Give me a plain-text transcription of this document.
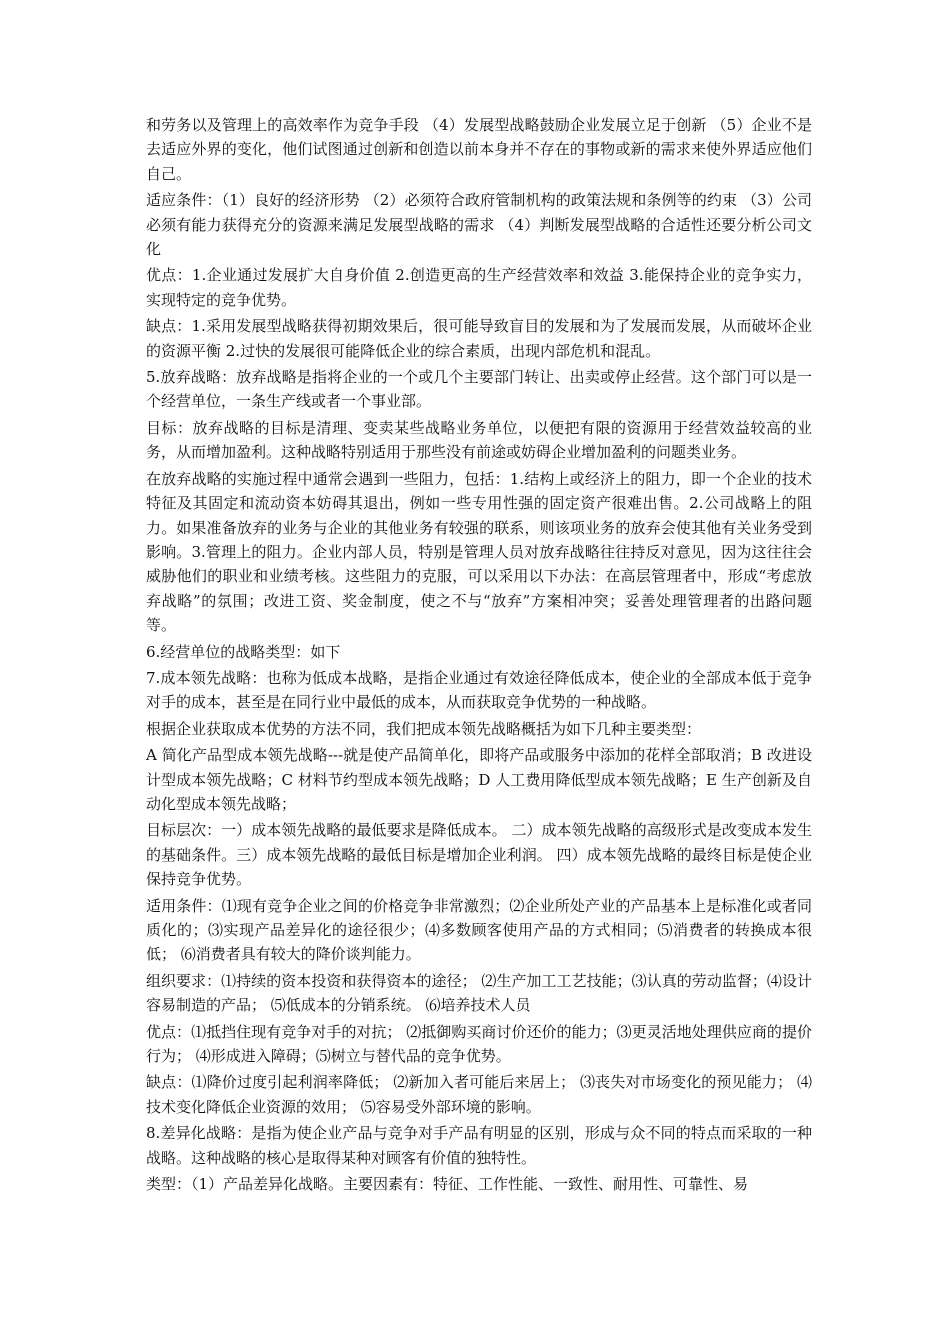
和劳务以及管理上的高效率作为竞争手段 （4）发展型战略鼓励企业发展立足于创新 （5）企业不是去适应外界的变化，他们试图通过创新和创造以前本身并不存在的事物或新的需求来使外界适应他们自己。

适应条件：（1）良好的经济形势 （2）必须符合政府管制机构的政策法规和条例等的约束 （3）公司必须有能力获得充分的资源来满足发展型战略的需求 （4）判断发展型战略的合适性还要分析公司文化

优点：1.企业通过发展扩大自身价值 2.创造更高的生产经营效率和效益 3.能保持企业的竞争实力，实现特定的竞争优势。

缺点：1.采用发展型战略获得初期效果后，很可能导致盲目的发展和为了发展而发展，从而破坏企业的资源平衡 2.过快的发展很可能降低企业的综合素质，出现内部危机和混乱。

5.放弃战略：放弃战略是指将企业的一个或几个主要部门转让、出卖或停止经营。这个部门可以是一个经营单位，一条生产线或者一个事业部。

目标：放弃战略的目标是清理、变卖某些战略业务单位，以便把有限的资源用于经营效益较高的业务，从而增加盈利。这种战略特别适用于那些没有前途或妨碍企业增加盈利的问题类业务。

在放弃战略的实施过程中通常会遇到一些阻力，包括：1.结构上或经济上的阻力，即一个企业的技术特征及其固定和流动资本妨碍其退出，例如一些专用性强的固定资产很难出售。2.公司战略上的阻力。如果准备放弃的业务与企业的其他业务有较强的联系，则该项业务的放弃会使其他有关业务受到影响。3.管理上的阻力。企业内部人员，特别是管理人员对放弃战略往往持反对意见，因为这往往会威胁他们的职业和业绩考核。这些阻力的克服，可以采用以下办法：在高层管理者中，形成“考虑放弃战略”的氛围；改进工资、奖金制度，使之不与“放弃”方案相冲突；妥善处理管理者的出路问题等。

6.经营单位的战略类型：如下

7.成本领先战略：也称为低成本战略，是指企业通过有效途径降低成本，使企业的全部成本低于竞争对手的成本，甚至是在同行业中最低的成本，从而获取竞争优势的一种战略。

根据企业获取成本优势的方法不同，我们把成本领先战略概括为如下几种主要类型：

A 简化产品型成本领先战略---就是使产品简单化，即将产品或服务中添加的花样全部取消；B 改进设计型成本领先战略；C 材料节约型成本领先战略；D 人工费用降低型成本领先战略；E 生产创新及自动化型成本领先战略；

目标层次：一）成本领先战略的最低要求是降低成本。 二）成本领先战略的高级形式是改变成本发生的基础条件。三）成本领先战略的最低目标是增加企业利润。 四）成本领先战略的最终目标是使企业保持竞争优势。

适用条件：⑴现有竞争企业之间的价格竞争非常激烈；⑵企业所处产业的产品基本上是标准化或者同质化的；⑶实现产品差异化的途径很少；⑷多数顾客使用产品的方式相同；⑸消费者的转换成本很低； ⑹消费者具有较大的降价谈判能力。

组织要求：⑴持续的资本投资和获得资本的途径； ⑵生产加工工艺技能；⑶认真的劳动监督；⑷设计容易制造的产品； ⑸低成本的分销系统。 ⑹培养技术人员

优点：⑴抵挡住现有竞争对手的对抗； ⑵抵御购买商讨价还价的能力；⑶更灵活地处理供应商的提价行为； ⑷形成进入障碍；⑸树立与替代品的竞争优势。

缺点：⑴降价过度引起利润率降低； ⑵新加入者可能后来居上； ⑶丧失对市场变化的预见能力； ⑷技术变化降低企业资源的效用； ⑸容易受外部环境的影响。

8.差异化战略：是指为使企业产品与竞争对手产品有明显的区别，形成与众不同的特点而采取的一种战略。这种战略的核心是取得某种对顾客有价值的独特性。

类型：（1）产品差异化战略。主要因素有：特征、工作性能、一致性、耐用性、可靠性、易
